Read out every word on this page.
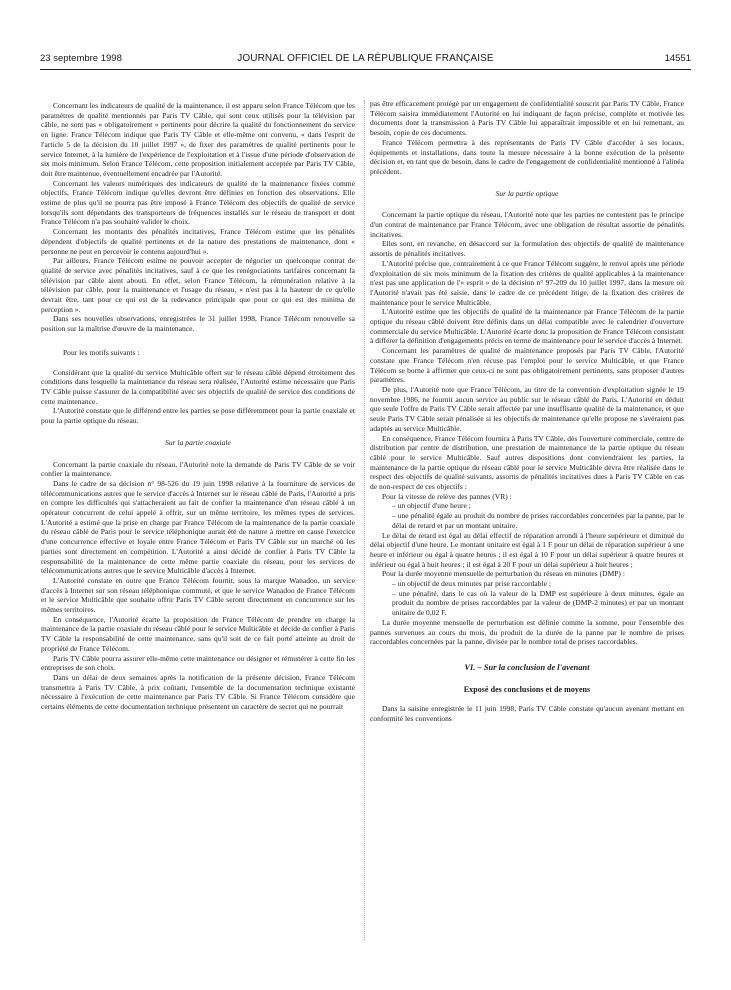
23 septembre 1998	JOURNAL OFFICIEL DE LA RÉPUBLIQUE FRANÇAISE	14551

Concernant les indicateurs de qualité de la maintenance, il est apparu selon France Télécom que les paramètres de qualité mentionnés par Paris TV Câble, qui sont ceux utilisés pour la télévision par câble, ne sont pas « obligatoirement » pertinents pour décrire la qualité du fonctionnement du service en ligne. France Télécom indique que Paris TV Câble et elle-même ont convenu, « dans l'esprit de l'article 5 de la décision du 10 juillet 1997 », de fixer des paramètres de qualité pertinents pour le service Internet, à la lumière de l'expérience de l'exploitation et à l'issue d'une période d'observation de six mois minimum. Selon France Télécom, cette proposition initialement acceptée par Paris TV Câble, doit être maintenue, éventuellement encadrée par l'Autorité.

Concernant les valeurs numériques des indicateurs de qualité de la maintenance fixées comme objectifs, France Télécom indique qu'elles devront être définies en fonction des observations. Elle estime de plus qu'il ne pourra pas être imposé à France Télécom des objectifs de qualité de service lorsqu'ils sont dépendants des transporteurs de fréquences installés sur le réseau de transport et dont France Télécom n'a pas souhaité valider le choix.

Concernant les montants des pénalités incitatives, France Télécom estime que les pénalités dépendent d'objectifs de qualité pertinents et de la nature des prestations de maintenance, dont « personne ne peut en percevoir le contenu aujourd'hui ».

Par ailleurs, France Télécom estime ne pouvoir accepter de négocier un quelconque contrat de qualité de service avec pénalités incitatives, sauf à ce que les renégociations tarifaires concernant la télévision par câble aient abouti. En effet, selon France Télécom, la rémunération relative à la télévision par câble, pour la maintenance et l'usage du réseau, « n'est pas à la hauteur de ce qu'elle devrait être, tant pour ce qui est de la redevance principale que pour ce qui est des minima de perception ».

Dans ses nouvelles observations, enregistrées le 31 juillet 1998, France Télécom renouvelle sa position sur la maîtrise d'œuvre de la maintenance.

Pour les motifs suivants :

Considérant que la qualité du service Multicâble offert sur le réseau câblé dépend étroitement des conditions dans lesquelle la maintenance du réseau sera réalisée, l'Autorité estime nécessaire que Paris TV Câble puisse s'assurer de la compatibilité avec ses objectifs de qualité de service des conditions de cette maintenance.

L'Autorité constate que le différend entre les parties se pose différemment pour la partie coaxiale et pour la partie optique du réseau.

Sur la partie coaxiale

Concernant la partie coaxiale du réseau, l'Autorité note la demande de Paris TV Câble de se voir confier la maintenance.

Dans le cadre de sa décision n° 98-526 du 19 juin 1998 relative à la fourniture de services de télécommunications autres que le service d'accès à Internet sur le réseau câblé de Paris, l'Autorité a pris en compte les difficultés qui s'attacheraient au fait de confier la maintenance d'un réseau câblé à un opérateur concurrent de celui appelé à offrir, sur un même territoire, les mêmes types de services. L'Autorité a estimé que la prise en charge par France Télécom de la maintenance de la partie coaxiale du réseau câblé de Paris pour le service téléphonique aurait été de nature à mettre en cause l'exercice d'une concurrence effective et loyale entre France Télécom et Paris TV Câble sur un marché où les parties sont directement en compétition. L'Autorité a ainsi décidé de confier à Paris TV Câble la responsabilité de la maintenance de cette même partie coaxiale du réseau, pour les services de télécommunications autres que le service Multicâble d'accès à Internet.

L'Autorité constate en outre que France Télécom fournit, sous la marque Wanadoo, un service d'accès à Internet sur son réseau téléphonique commuté, et que le service Wanadoo de France Télécom et le service Multicâble que souhaite offrir Paris TV Câble seront directement en concurrence sur les mêmes territoires.

En conséquence, l'Autorité écarte la proposition de France Télécom de prendre en charge la maintenance de la partie coaxiale du réseau câblé pour le service Multicâble et décide de confier à Paris TV Câble la responsabilité de cette maintenance, sans qu'il soit de ce fait porté atteinte au droit de propriété de France Télécom.

Paris TV Câble pourra assurer elle-même cette maintenance ou désigner et rémunérer à cette fin les entreprises de son choix.

Dans un délai de deux semaines après la notification de la présente décision, France Télécom transmettra à Paris TV Câble, à prix coûtant, l'ensemble de la documentation technique existante nécessaire à l'exécution de cette maintenance par Paris TV Câble. Si France Télécom considère que certains éléments de cette documentation technique présentent un caractère de secret qui ne pourrait

pas être efficacement protégé par un engagement de confidentialité souscrit par Paris TV Câble, France Télécom saisira immédiatement l'Autorité en lui indiquant de façon précise, complète et motivée les documents dont la transmission à Paris TV Câble lui apparaîtrait impossible et en lui remettant, au besoin, copie de ces documents.

France Télécom permettra à des représentants de Paris TV Câble d'accéder à ses locaux, équipements et installations, dans toute la mesure nécessaire à la bonne exécution de la présente décision et, en tant que de besoin, dans le cadre de l'engagement de confidentialité mentionné à l'alinéa précédent.

Sur la partie optique

Concernant la partie optique du réseau, l'Autorité note que les parties ne contestent pas le principe d'un contrat de maintenance par France Télécom, avec une obligation de résultat assortie de pénalités incitatives.

Elles sont, en revanche, en désaccord sur la formulation des objectifs de qualité de maintenance assortis de pénalités incitatives.

L'Autorité précise que, contrairement à ce que France Télécom suggère, le renvoi après une période d'exploitation de six mois minimum de la fixation des critères de qualité applicables à la maintenance n'est pas une application de l'« esprit » de la décision n° 97-209 du 10 juillet 1997, dans la mesure où l'Autorité n'avait pas été saisie, dans le cadre de ce précédent litige, de la fixation des critères de maintenance pour le service Multicâble.

L'Autorité estime que les objectifs de qualité de la maintenance par France Télécom de la partie optique du réseau câblé doivent être définis dans un délai compatible avec le calendrier d'ouverture commerciale du service Multicâble. L'Autorité écarte donc la proposition de France Télécom consistant à différer la définition d'engagements précis en terme de maintenance pour le service d'accès à Internet.

Concernant les paramètres de qualité de maintenance proposés par Paris TV Câble, l'Autorité constate que France Télécom n'en récuse pas l'emploi pour le service Multicâble, et que France Télécom se borne à affirmer que ceux-ci ne sont pas obligatoirement pertinents, sans proposer d'autres paramètres.

De plus, l'Autorité note que France Télécom, au titre de la convention d'exploitation signée le 19 novembre 1986, ne fournit aucun service au public sur le réseau câblé de Paris. L'Autorité en déduit que seule l'offre de Paris TV Câble serait affectée par une insuffisante qualité de la maintenance, et que seule Paris TV Câble serait pénalisée si les objectifs de maintenance qu'elle propose ne s'avéraient pas adaptés au service Multicâble.

En conséquence, France Télécom fournira à Paris TV Câble, dès l'ouverture commerciale, centre de distribution par centre de distribution, une prestation de maintenance de la partie optique du réseau câblé pour le service Multicâble. Sauf autres dispositions dont conviendraient les parties, la maintenance de la partie optique du réseau câblé pour le service Multicâble devra être réalisée dans le respect des objectifs de qualité suivants, assortis de pénalités incitatives dues à Paris TV Câble en cas de non-respect de ces objectifs :

Pour la vitesse de relève des pannes (VR) :

– un objectif d'une heure ;

– une pénalité égale au produit du nombre de prises raccordables concernées par la panne, par le délai de retard et par un montant unitaire.

Le délai de retard est égal au délai effectif de réparation arrondi à l'heure supérieure et diminué du délai objectif d'une heure. Le montant unitaire est égal à 1 F pour un délai de réparation supérieur à une heure et inférieur ou égal à quatre heures ; il est égal à 10 F pour un délai supérieur à quatre heures et inférieur ou égal à huit heures ; il est égal à 20 F pour un délai supérieur à huit heures ;

Pour la durée moyenne mensuelle de perturbation du réseau en minutes (DMP) :

– un objectif de deux minutes par prise raccordable ;

– une pénalité, dans le cas où la valeur de la DMP est supérieure à deux minutes, égale au produit du nombre de prises raccordables par la valeur de (DMP-2 minutes) et par un montant unitaire de 0,02 F.

La durée moyenne mensuelle de perturbation est définie comme la somme, pour l'ensemble des pannes survenues au cours du mois, du produit de la durée de la panne par le nombre de prises raccordables concernées par la panne, divisée par le nombre total de prises raccordables.

VI. – Sur la conclusion de l'avenant

Exposé des conclusions et de moyens

Dans la saisine enregistrée le 11 juin 1998, Paris TV Câble constate qu'aucun avenant mettant en conformité les conventions
